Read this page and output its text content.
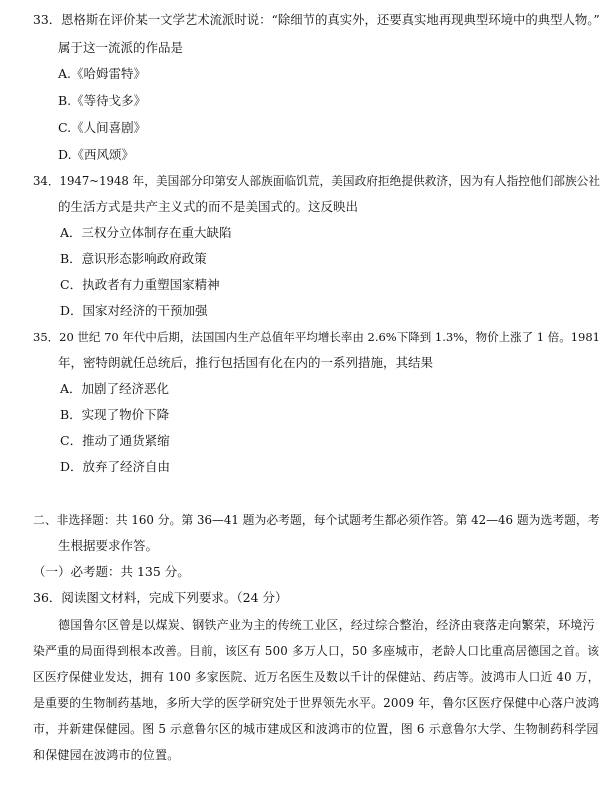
33．恩格斯在评价某一文学艺术流派时说：“除细节的真实外，还要真实地再现典型环境中的典型人物。”
属于这一流派的作品是
A.《哈姆雷特》
B.《等待戈多》
C.《人间喜剧》
D.《西风颂》
34．1947~1948 年，美国部分印第安人部族面临饥荒，美国政府拒绝提供救济，因为有人指控他们部族公社
的生活方式是共产主义式的而不是美国式的。这反映出
A．三权分立体制存在重大缺陷
B．意识形态影响政府政策
C．执政者有力重塑国家精神
D．国家对经济的干预加强
35．20 世纪 70 年代中后期，法国国内生产总值年平均增长率由 2.6%下降到 1.3%，物价上涨了 1 倍。1981
年，密特朗就任总统后，推行包括国有化在内的一系列措施，其结果
A．加剧了经济恶化
B．实现了物价下降
C．推动了通货紧缩
D．放弃了经济自由
二、非选择题：共 160 分。第 36—41 题为必考题，每个试题考生都必须作答。第 42—46 题为选考题，考
生根据要求作答。
（一）必考题：共 135 分。
36．阅读图文材料，完成下列要求。（24 分）
德国鲁尔区曾是以煤炭、钢铁产业为主的传统工业区，经过综合整治，经济由衰落走向繁荣，环境污
染严重的局面得到根本改善。目前，该区有 500 多万人口，50 多座城市，老龄人口比重高居德国之首。该
区医疗保健业发达，拥有 100 多家医院、近万名医生及数以千计的保健站、药店等。波鸿市人口近 40 万，
是重要的生物制药基地，多所大学的医学研究处于世界领先水平。2009 年，鲁尔区医疗保健中心落户波鸿
市，并新建保健园。图 5 示意鲁尔区的城市建成区和波鸿市的位置，图 6 示意鲁尔大学、生物制药科学园
和保健园在波鸿市的位置。
